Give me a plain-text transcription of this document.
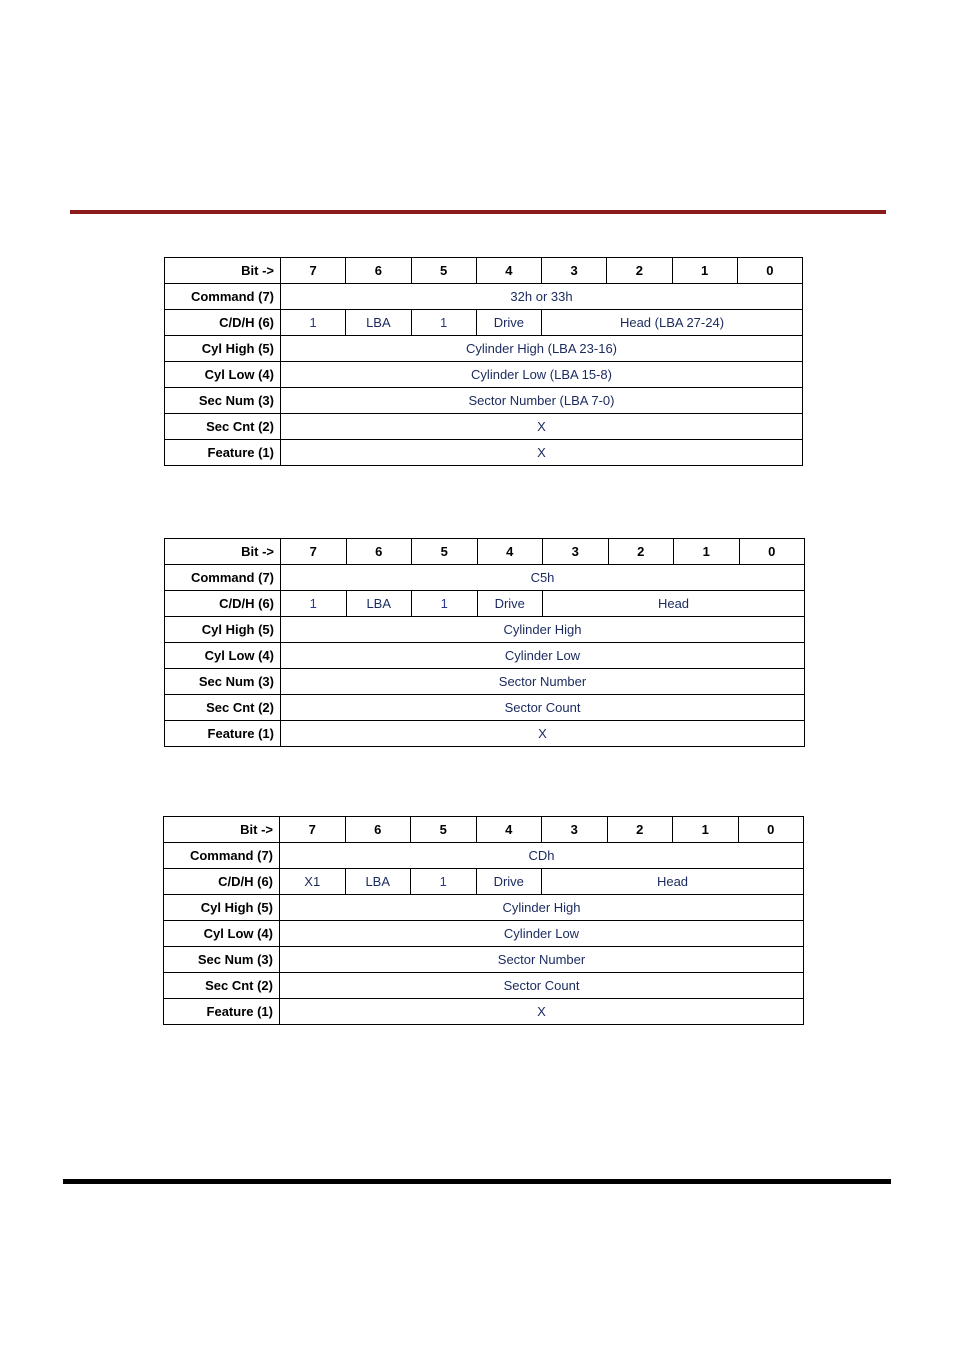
Bit ->	7	6	5	4	3	2	1	0
Command (7)	32h or 33h							
C/D/H (6)	1	LBA	1	Drive	Head (LBA 27-24)			
Cyl High (5)	Cylinder High (LBA 23-16)							
Cyl Low (4)	Cylinder Low (LBA 15-8)							
Sec Num (3)	Sector Number (LBA 7-0)							
Sec Cnt (2)	X							
Feature (1)	X							
Bit ->	7	6	5	4	3	2	1	0
Command (7)	C5h							
C/D/H (6)	1	LBA	1	Drive	Head			
Cyl High (5)	Cylinder High							
Cyl Low (4)	Cylinder Low							
Sec Num (3)	Sector Number							
Sec Cnt (2)	Sector Count							
Feature (1)	X							
Bit ->	7	6	5	4	3	2	1	0
Command (7)	CDh							
C/D/H (6)	X1	LBA	1	Drive	Head			
Cyl High (5)	Cylinder High							
Cyl Low (4)	Cylinder Low							
Sec Num (3)	Sector Number							
Sec Cnt (2)	Sector Count							
Feature (1)	X							
